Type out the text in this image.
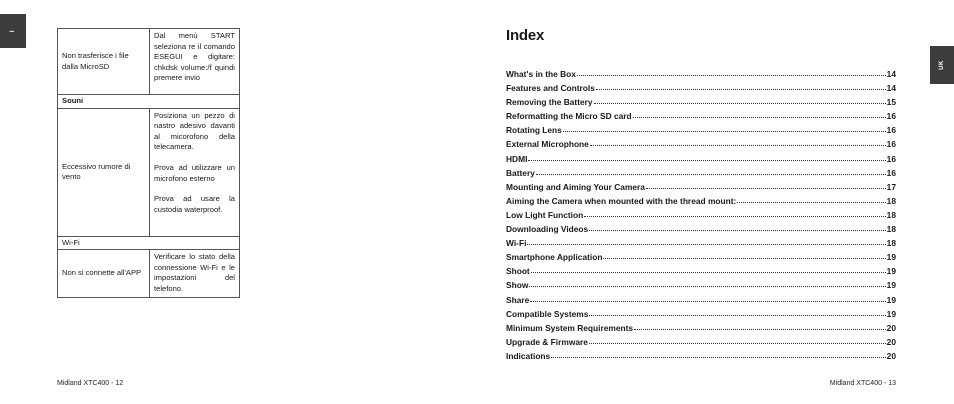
I
UK
Non trasferisce i file dalla MicroSD	Dal menù START seleziona re il comando ESEGUI e digitare: chkdsk volume:/f quindi premere invio

Souni	
Eccessivo rumore di vento	Posiziona un pezzo di nastro adesivo davanti al micorofono della telecamera.

Prova ad utilizzare un microfono esterno

Prova ad usare la custodia waterproof.

Wi-Fi	
Non si connette all'APP	Verificare lo stato della connessione Wi-Fi e le impostazioni del telefono.

Midland XTC400 - 12	Midland XTC400 - 13
Index
What's in the Box	14
Features and Controls	14
Removing the Battery	15
Reformatting the Micro SD card	16
Rotating Lens	16
External Microphone	16
HDMI	16
Battery	16
Mounting and Aiming Your Camera	17
Aiming the Camera when mounted with the thread mount:	18
Low Light Function	18
Downloading Videos	18
Wi-Fi	18
Smartphone Application	19
Shoot	19
Show	19
Share	19
Compatible Systems	19
Minimum System Requirements	20
Upgrade & Firmware	20
Indications	20
